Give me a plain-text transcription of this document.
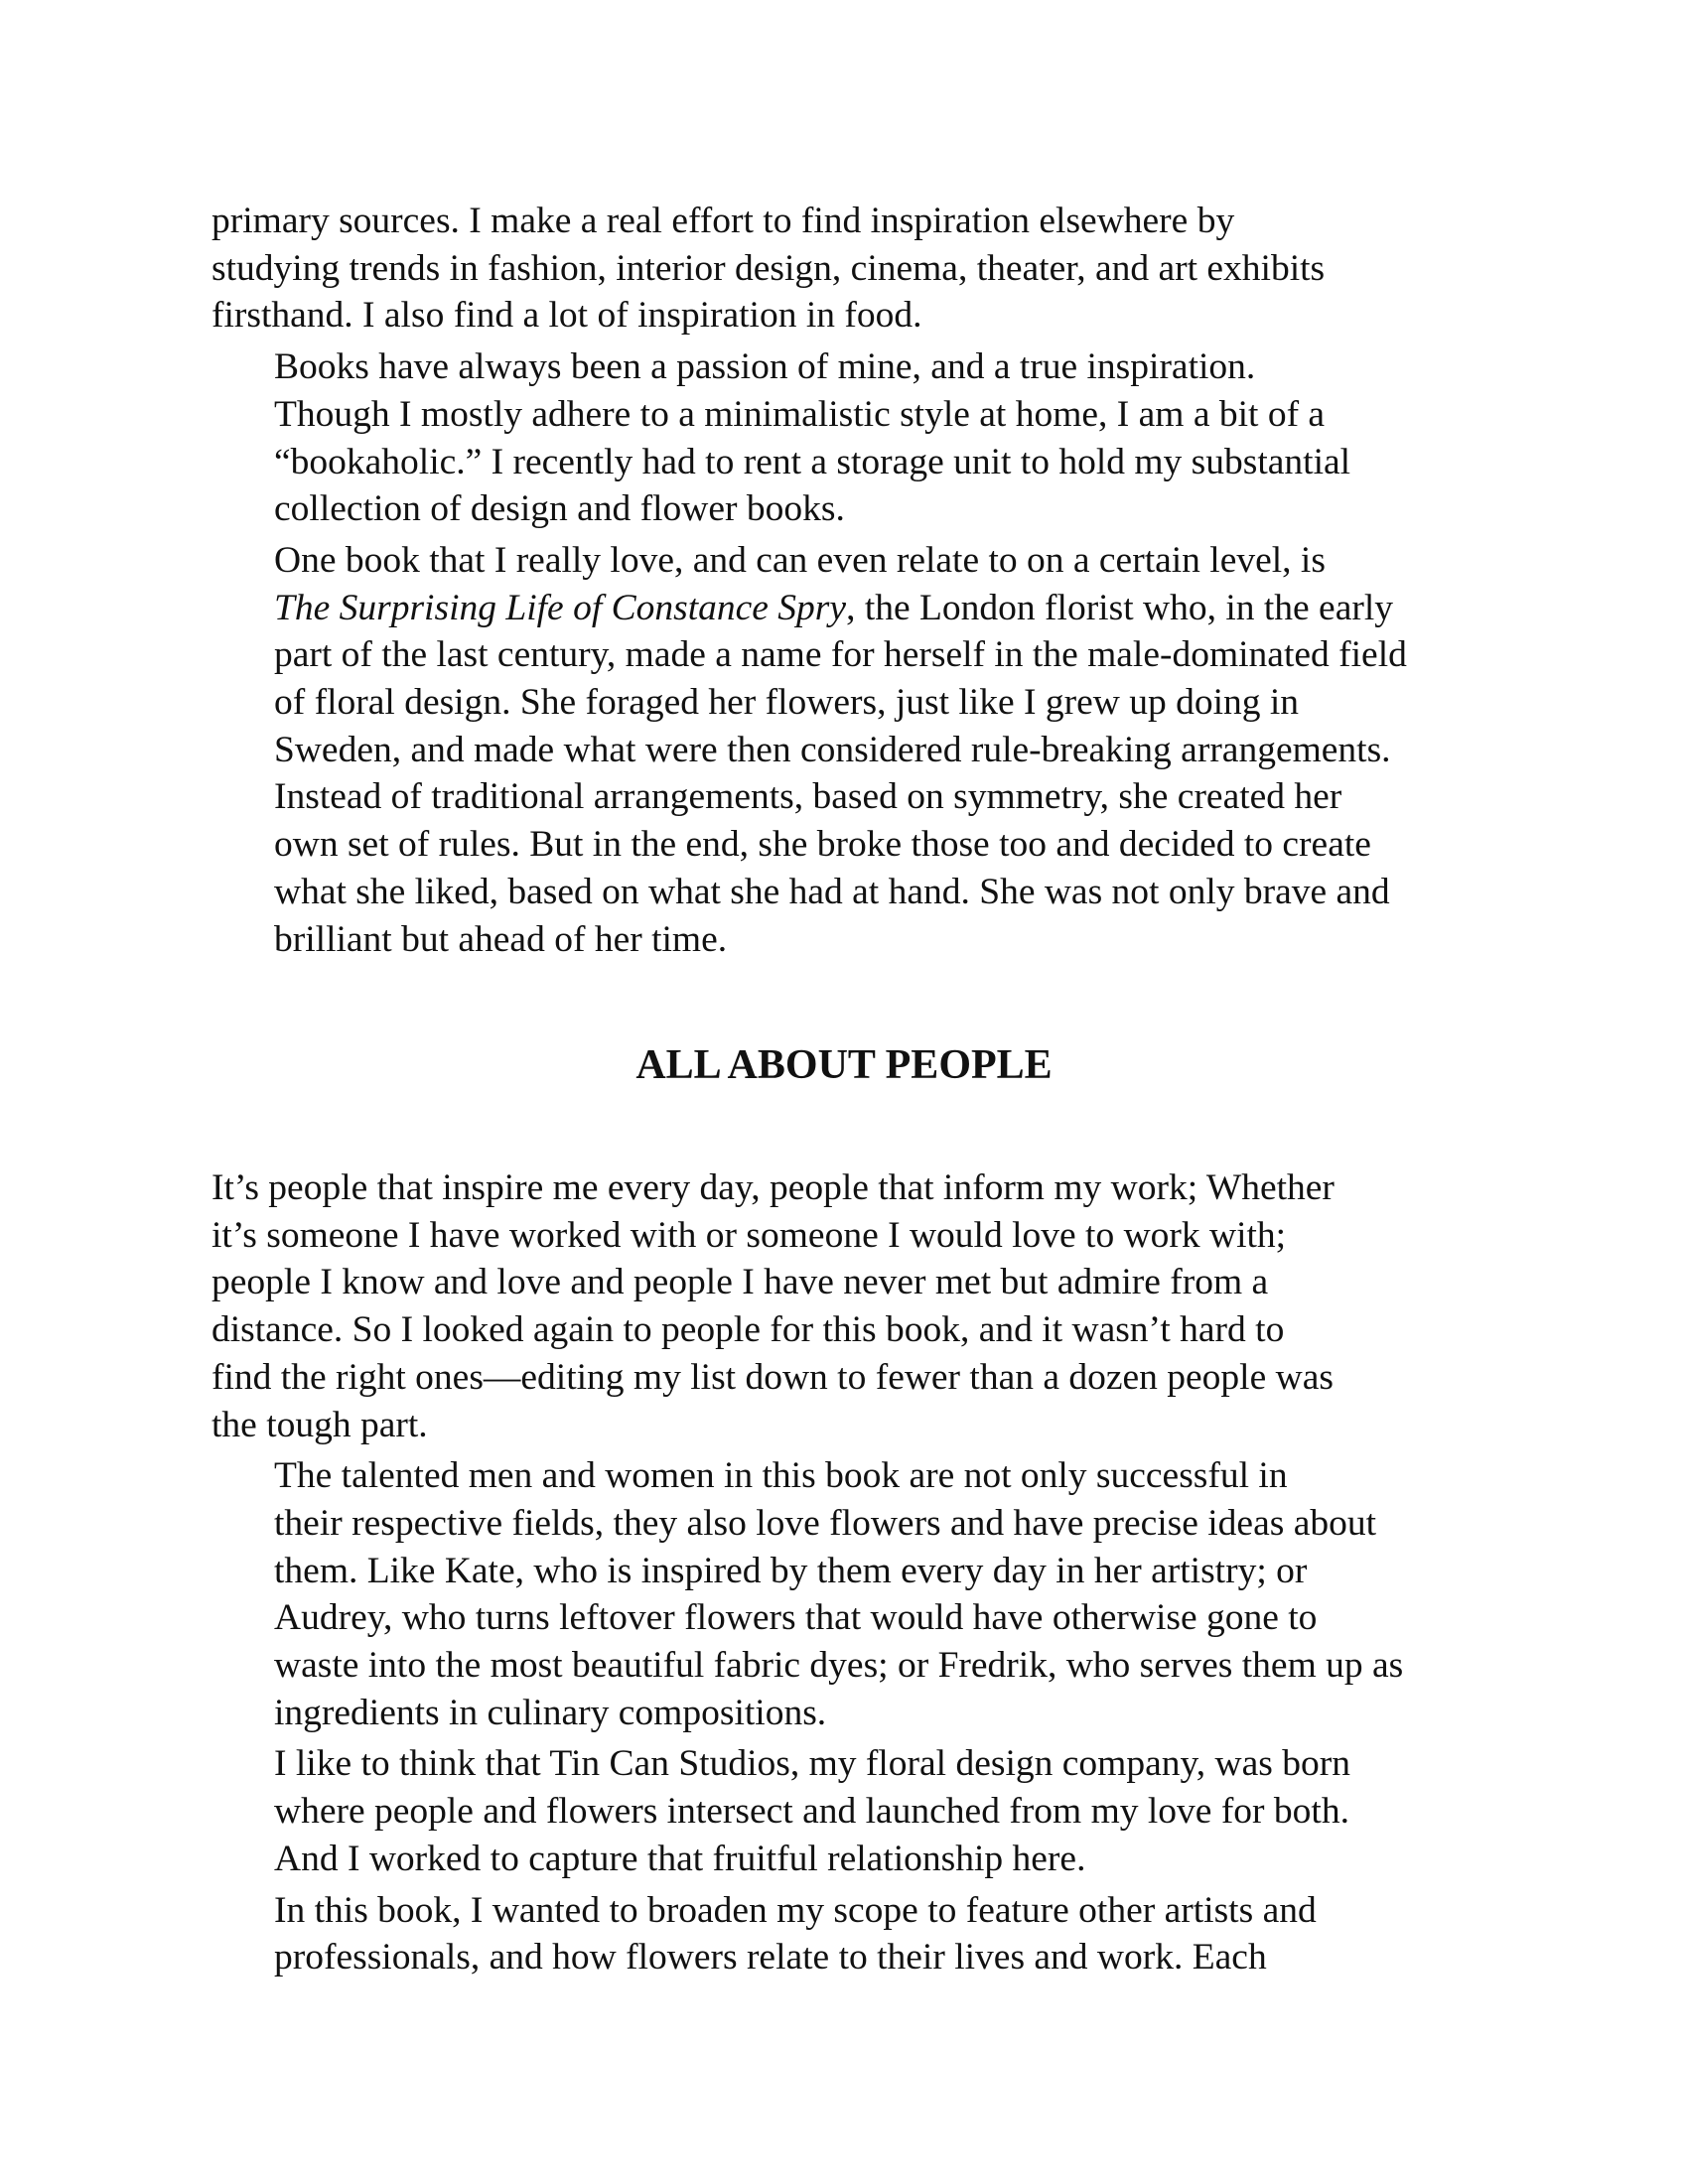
primary sources. I make a real effort to find inspiration elsewhere by
studying trends in fashion, interior design, cinema, theater, and art exhibits
firsthand. I also find a lot of inspiration in food.

Books have always been a passion of mine, and a true inspiration.
Though I mostly adhere to a minimalistic style at home, I am a bit of a
“bookaholic.” I recently had to rent a storage unit to hold my substantial
collection of design and flower books.

One book that I really love, and can even relate to on a certain level, is
The Surprising Life of Constance Spry, the London florist who, in the early
part of the last century, made a name for herself in the male-dominated field
of floral design. She foraged her flowers, just like I grew up doing in
Sweden, and made what were then considered rule-breaking arrangements.
Instead of traditional arrangements, based on symmetry, she created her
own set of rules. But in the end, she broke those too and decided to create
what she liked, based on what she had at hand. She was not only brave and
brilliant but ahead of her time.

ALL ABOUT PEOPLE

It’s people that inspire me every day, people that inform my work; Whether
it’s someone I have worked with or someone I would love to work with;
people I know and love and people I have never met but admire from a
distance. So I looked again to people for this book, and it wasn’t hard to
find the right ones—editing my list down to fewer than a dozen people was
the tough part.

The talented men and women in this book are not only successful in
their respective fields, they also love flowers and have precise ideas about
them. Like Kate, who is inspired by them every day in her artistry; or
Audrey, who turns leftover flowers that would have otherwise gone to
waste into the most beautiful fabric dyes; or Fredrik, who serves them up as
ingredients in culinary compositions.

I like to think that Tin Can Studios, my floral design company, was born
where people and flowers intersect and launched from my love for both.
And I worked to capture that fruitful relationship here.

In this book, I wanted to broaden my scope to feature other artists and
professionals, and how flowers relate to their lives and work. Each
